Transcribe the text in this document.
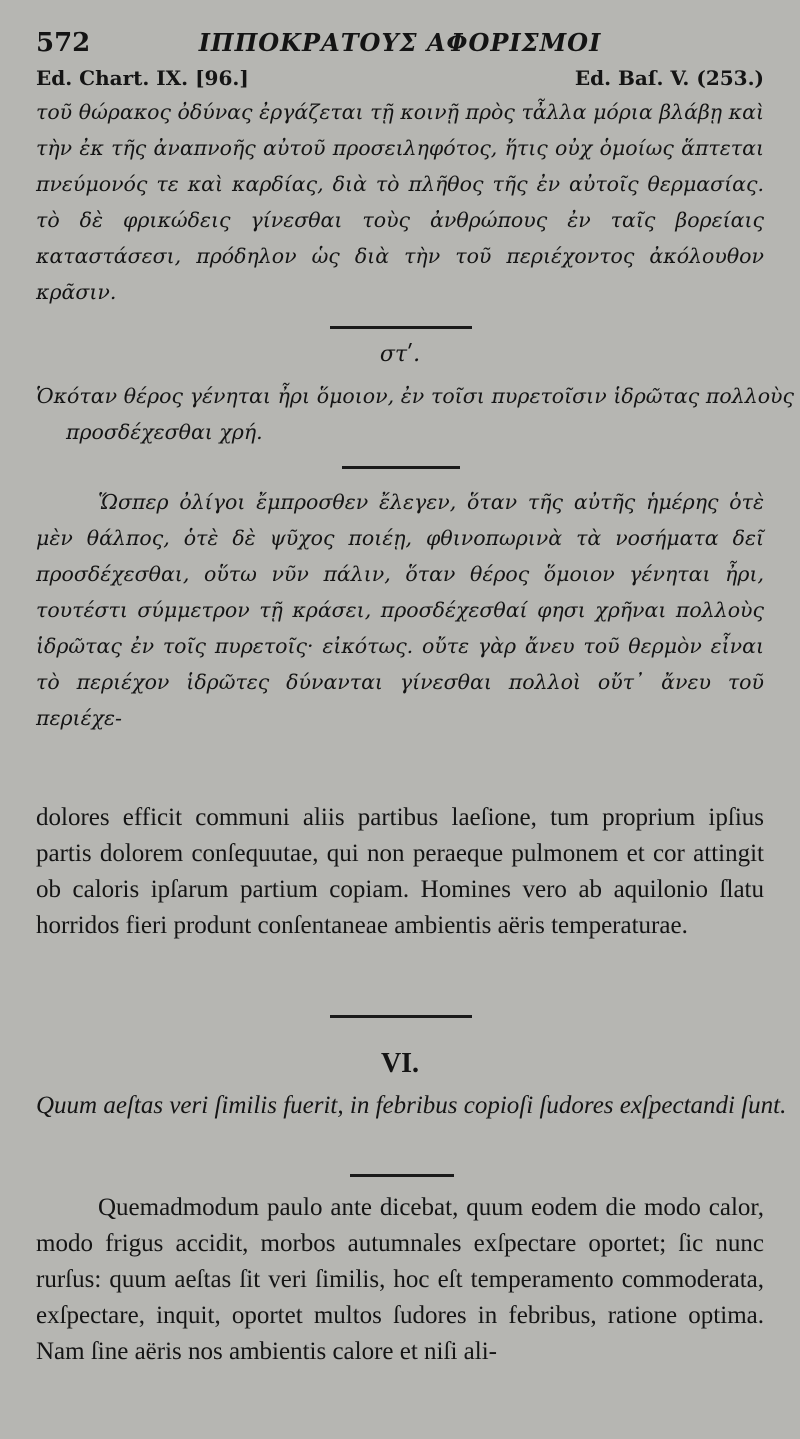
572	ΙΠΠΟΚΡΑΤΟΥΣ ΑΦΟΡΙΣΜΟΙ
Ed. Chart. IX. [96.]	Ed. Baſ. V. (253.)
τοῦ θώρακος ὀδύνας ἐργάζεται τῇ κοινῇ πρὸς τἆλλα μόρια βλάβῃ καὶ τὴν ἐκ τῆς ἀναπνοῆς αὐτοῦ προσειληφότος, ἥτις οὐχ ὁμοίως ἅπτεται πνεύμονός τε καὶ καρδίας, διὰ τὸ πλῆθος τῆς ἐν αὐτοῖς θερμασίας. τὸ δὲ φρικώδεις γίνεσθαι τοὺς ἀνθρώπους ἐν ταῖς βορείαις καταστάσεσι, πρόδηλον ὡς διὰ τὴν τοῦ περιέχοντος ἀκόλουθον κρᾶσιν.
στʹ.
Ὁκόταν θέρος γένηται ἦρι ὅμοιον, ἐν τοῖσι πυρετοῖσιν ἱδρῶτας πολλοὺς προσδέχεσθαι χρή.
Ὥσπερ ὀλίγοι ἔμπροσθεν ἔλεγεν, ὅταν τῆς αὐτῆς ἡμέρης ὁτὲ μὲν θάλπος, ὁτὲ δὲ ψῦχος ποιέῃ, φθινοπωρινὰ τὰ νοσήματα δεῖ προσδέχεσθαι, οὕτω νῦν πάλιν, ὅταν θέρος ὅμοιον γένηται ἦρι, τουτέστι σύμμετρον τῇ κράσει, προσδέχεσθαί φησι χρῆναι πολλοὺς ἱδρῶτας ἐν τοῖς πυρετοῖς· εἰκότως. οὔτε γὰρ ἄνευ τοῦ θερμὸν εἶναι τὸ περιέχον ἱδρῶτες δύνανται γίνεσθαι πολλοὶ οὔτ᾽ ἄνευ τοῦ περιέχε-
dolores efficit communi aliis partibus laeſione, tum proprium ipſius partis dolorem conſequutae, qui non peraeque pulmonem et cor attingit ob caloris ipſarum partium copiam. Homines vero ab aquilonio ſlatu horridos fieri produnt conſentaneae ambientis aëris temperaturae.
VI.
Quum aeſtas veri ſimilis fuerit, in febribus copioſi ſudores exſpectandi ſunt.
Quemadmodum paulo ante dicebat, quum eodem die modo calor, modo frigus accidit, morbos autumnales exſpectare oportet; ſic nunc rurſus: quum aeſtas ſit veri ſimilis, hoc eſt temperamento commoderata, exſpectare, inquit, oportet multos ſudores in febribus, ratione optima. Nam ſine aëris nos ambientis calore et niſi ali-
